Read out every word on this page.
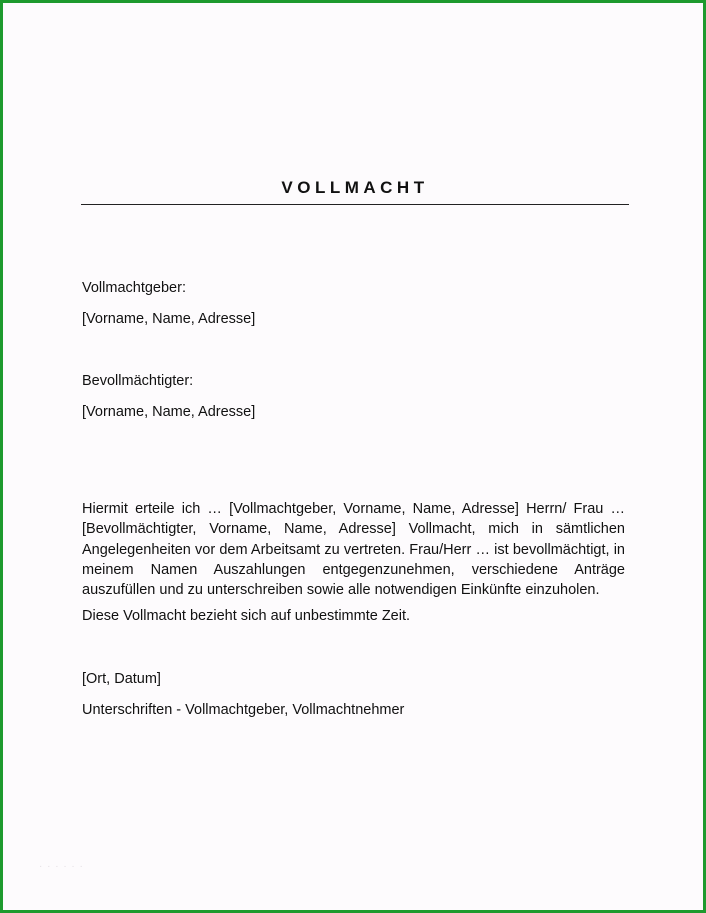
VOLLMACHT
Vollmachtgeber:
[Vorname, Name, Adresse]
Bevollmächtigter:
[Vorname, Name, Adresse]
Hiermit erteile ich … [Vollmachtgeber, Vorname, Name, Adresse] Herrn/ Frau … [Bevollmächtigter, Vorname, Name, Adresse] Vollmacht, mich in sämtlichen Angelegenheiten vor dem Arbeitsamt zu vertreten. Frau/Herr … ist bevollmächtigt, in meinem Namen Auszahlungen entgegenzunehmen, verschiedene Anträge auszufüllen und zu unterschreiben sowie alle notwendigen Einkünfte einzuholen.
Diese Vollmacht bezieht sich auf unbestimmte Zeit.
[Ort, Datum]
Unterschriften - Vollmachtgeber, Vollmachtnehmer
· · · · · ·
